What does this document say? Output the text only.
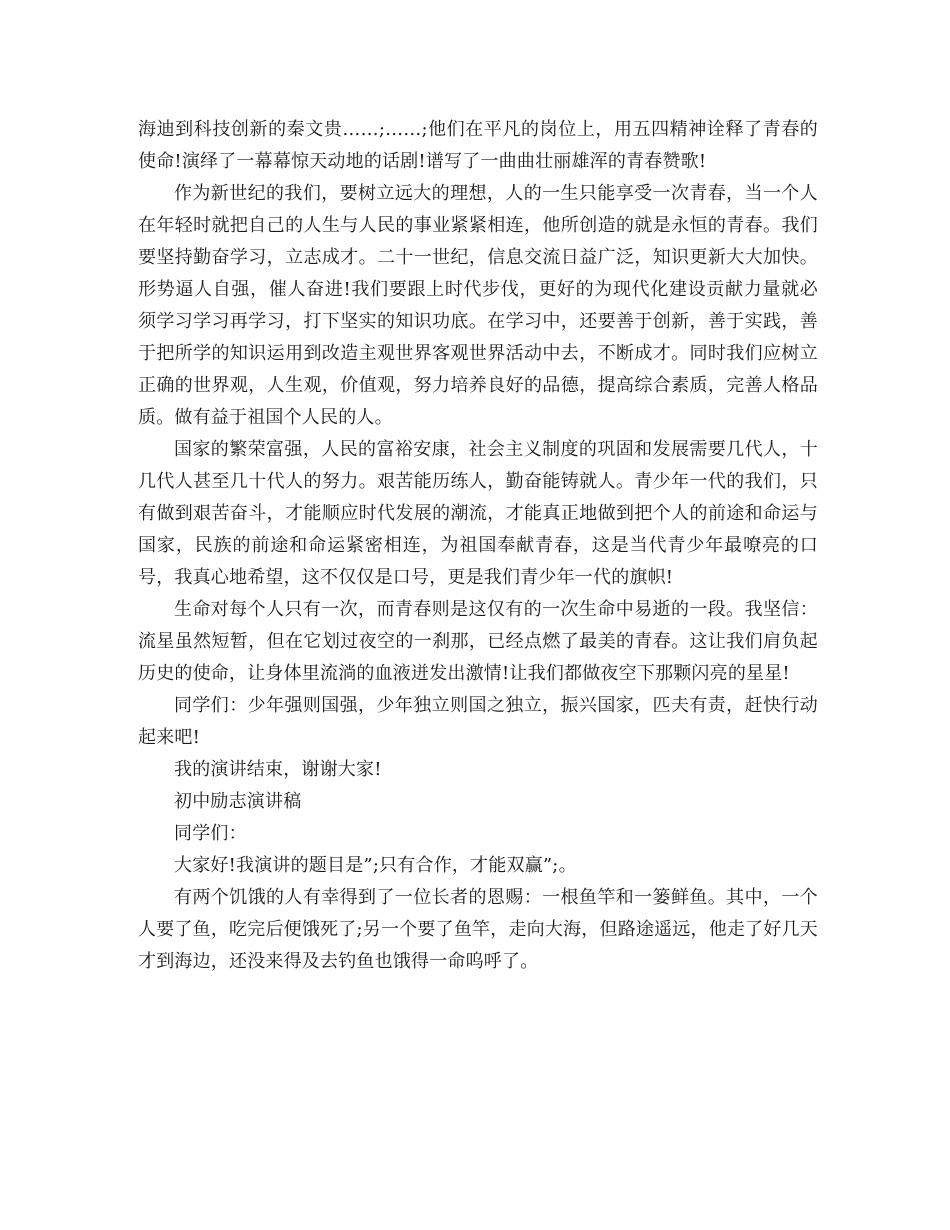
海迪到科技创新的秦文贵……;……;他们在平凡的岗位上，用五四精神诠释了青春的使命!演绎了一幕幕惊天动地的话剧!谱写了一曲曲壮丽雄浑的青春赞歌!

作为新世纪的我们，要树立远大的理想，人的一生只能享受一次青春，当一个人在年轻时就把自己的人生与人民的事业紧紧相连，他所创造的就是永恒的青春。我们要坚持勤奋学习，立志成才。二十一世纪，信息交流日益广泛，知识更新大大加快。形势逼人自强，催人奋进!我们要跟上时代步伐，更好的为现代化建设贡献力量就必须学习学习再学习，打下坚实的知识功底。在学习中，还要善于创新，善于实践，善于把所学的知识运用到改造主观世界客观世界活动中去，不断成才。同时我们应树立正确的世界观，人生观，价值观，努力培养良好的品德，提高综合素质，完善人格品质。做有益于祖国个人民的人。

国家的繁荣富强，人民的富裕安康，社会主义制度的巩固和发展需要几代人，十几代人甚至几十代人的努力。艰苦能历练人，勤奋能铸就人。青少年一代的我们，只有做到艰苦奋斗，才能顺应时代发展的潮流，才能真正地做到把个人的前途和命运与国家，民族的前途和命运紧密相连，为祖国奉献青春，这是当代青少年最嘹亮的口号，我真心地希望，这不仅仅是口号，更是我们青少年一代的旗帜!

生命对每个人只有一次，而青春则是这仅有的一次生命中易逝的一段。我坚信：流星虽然短暂，但在它划过夜空的一刹那，已经点燃了最美的青春。这让我们肩负起历史的使命，让身体里流淌的血液迸发出激情!让我们都做夜空下那颗闪亮的星星!

同学们：少年强则国强，少年独立则国之独立，振兴国家，匹夫有责，赶快行动起来吧!

我的演讲结束，谢谢大家!

初中励志演讲稿

同学们：

大家好!我演讲的题目是”;只有合作，才能双赢”;。

有两个饥饿的人有幸得到了一位长者的恩赐：一根鱼竿和一篓鲜鱼。其中，一个人要了鱼，吃完后便饿死了;另一个要了鱼竿，走向大海，但路途遥远，他走了好几天才到海边，还没来得及去钓鱼也饿得一命呜呼了。
